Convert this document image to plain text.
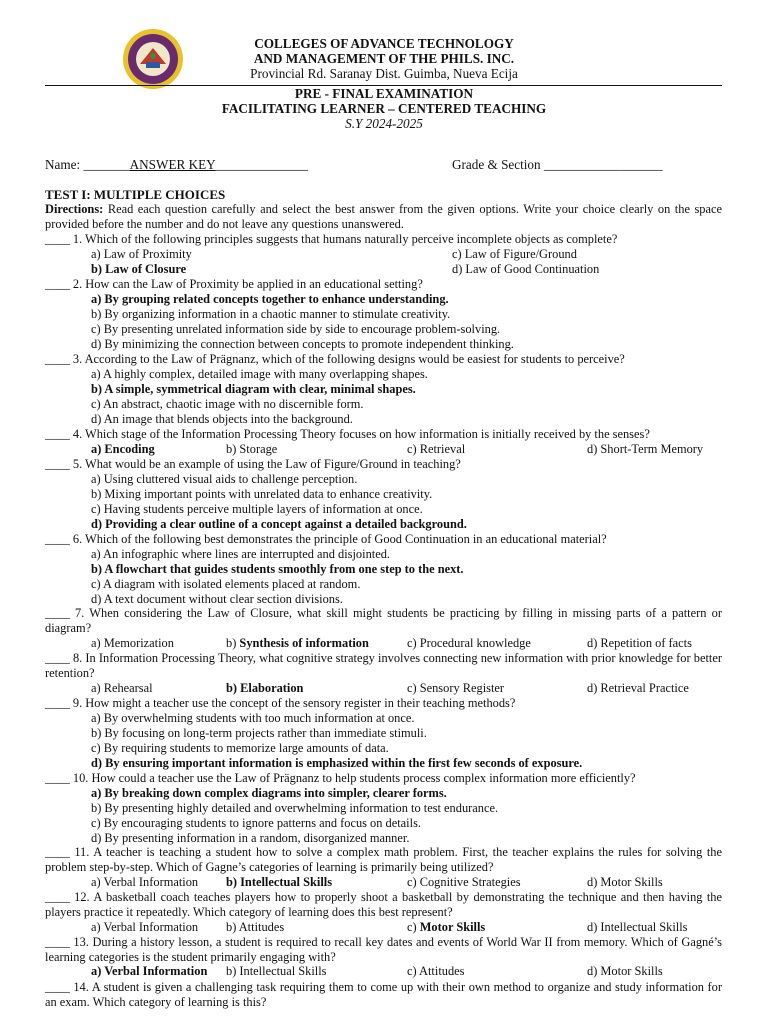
COLLEGES OF ADVANCE TECHNOLOGY
AND MANAGEMENT OF THE PHILS. INC.
Provincial Rd. Saranay Dist. Guimba, Nueva Ecija
PRE - FINAL EXAMINATION
FACILITATING LEARNER – CENTERED TEACHING
S.Y 2024-2025
Name: _______ANSWER KEY______________	Grade & Section __________________
TEST I: MULTIPLE CHOICES
Directions: Read each question carefully and select the best answer from the given options. Write your choice clearly on the space provided before the number and do not leave any questions unanswered.
____ 1. Which of the following principles suggests that humans naturally perceive incomplete objects as complete?
a) Law of Proximity	c) Law of Figure/Ground
b) Law of Closure	d) Law of Good Continuation
____ 2. How can the Law of Proximity be applied in an educational setting?
a) By grouping related concepts together to enhance understanding.
b) By organizing information in a chaotic manner to stimulate creativity.
c) By presenting unrelated information side by side to encourage problem-solving.
d) By minimizing the connection between concepts to promote independent thinking.
____ 3. According to the Law of Prägnanz, which of the following designs would be easiest for students to perceive?
a) A highly complex, detailed image with many overlapping shapes.
b) A simple, symmetrical diagram with clear, minimal shapes.
c) An abstract, chaotic image with no discernible form.
d) An image that blends objects into the background.
____ 4. Which stage of the Information Processing Theory focuses on how information is initially received by the senses?
a) Encoding	b) Storage	c) Retrieval	d) Short-Term Memory
____ 5. What would be an example of using the Law of Figure/Ground in teaching?
a) Using cluttered visual aids to challenge perception.
b) Mixing important points with unrelated data to enhance creativity.
c) Having students perceive multiple layers of information at once.
d) Providing a clear outline of a concept against a detailed background.
____ 6. Which of the following best demonstrates the principle of Good Continuation in an educational material?
a) An infographic where lines are interrupted and disjointed.
b) A flowchart that guides students smoothly from one step to the next.
c) A diagram with isolated elements placed at random.
d) A text document without clear section divisions.
____ 7. When considering the Law of Closure, what skill might students be practicing by filling in missing parts of a pattern or diagram?
a) Memorization	b) Synthesis of information	c) Procedural knowledge	d) Repetition of facts
____ 8. In Information Processing Theory, what cognitive strategy involves connecting new information with prior knowledge for better retention?
a) Rehearsal	b) Elaboration	c) Sensory Register	d) Retrieval Practice
____ 9. How might a teacher use the concept of the sensory register in their teaching methods?
a) By overwhelming students with too much information at once.
b) By focusing on long-term projects rather than immediate stimuli.
c) By requiring students to memorize large amounts of data.
d) By ensuring important information is emphasized within the first few seconds of exposure.
____ 10. How could a teacher use the Law of Prägnanz to help students process complex information more efficiently?
a) By breaking down complex diagrams into simpler, clearer forms.
b) By presenting highly detailed and overwhelming information to test endurance.
c) By encouraging students to ignore patterns and focus on details.
d) By presenting information in a random, disorganized manner.
____ 11. A teacher is teaching a student how to solve a complex math problem. First, the teacher explains the rules for solving the problem step-by-step. Which of Gagne’s categories of learning is primarily being utilized?
a) Verbal Information b) Intellectual Skills	c) Cognitive Strategies	d) Motor Skills
____ 12. A basketball coach teaches players how to properly shoot a basketball by demonstrating the technique and then having the players practice it repeatedly. Which category of learning does this best represent?
a) Verbal Information b) Attitudes	c) Motor Skills	d) Intellectual Skills
____ 13. During a history lesson, a student is required to recall key dates and events of World War II from memory. Which of Gagné’s learning categories is the student primarily engaging with?
a) Verbal Information b) Intellectual Skills	c) Attitudes	d) Motor Skills
____ 14. A student is given a challenging task requiring them to come up with their own method to organize and study information for an exam. Which category of learning is this?
